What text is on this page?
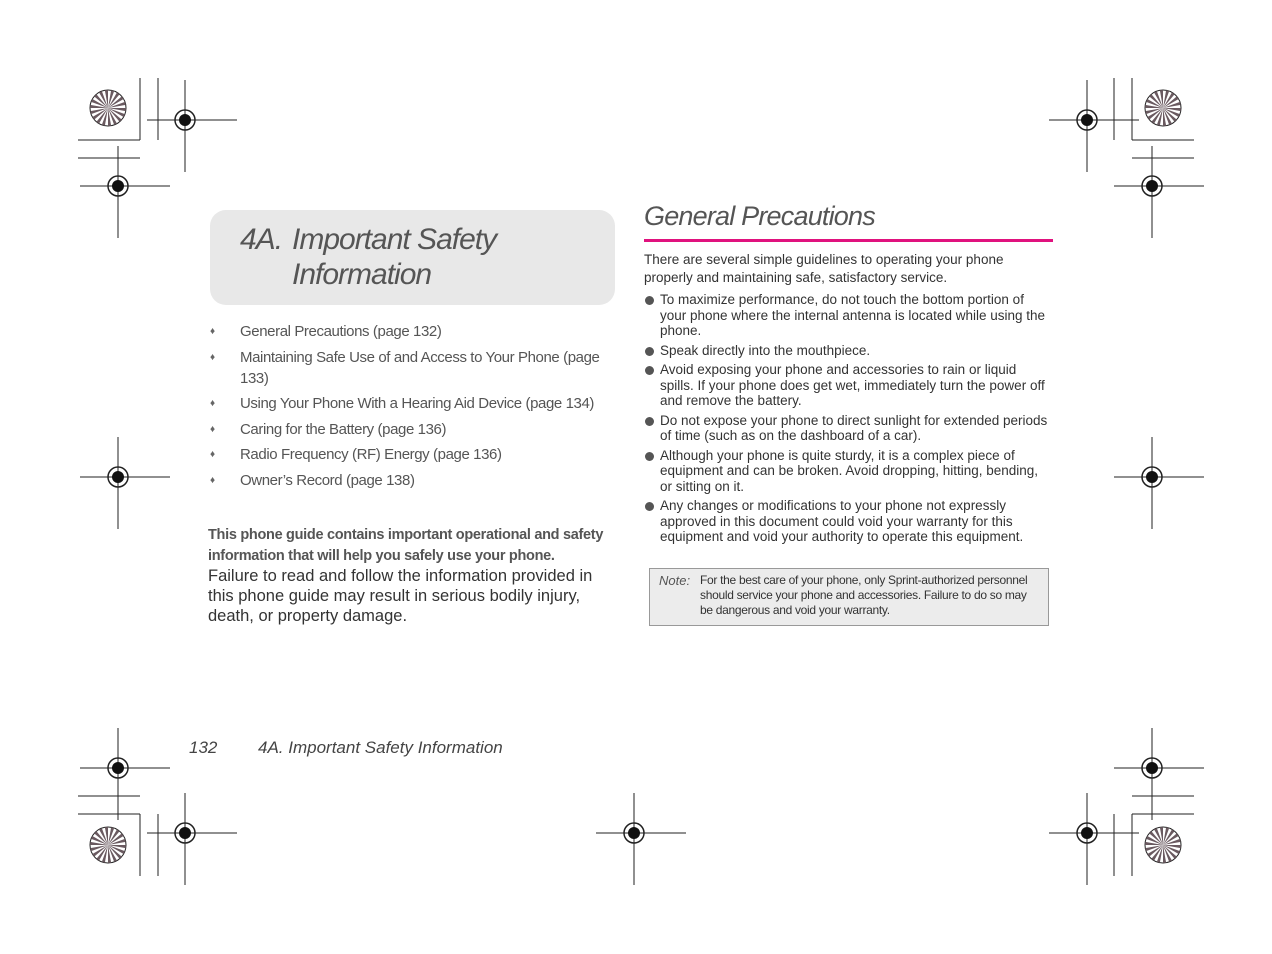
4A. Important Safety
Information
♦ General Precautions (page 132)
♦ Maintaining Safe Use of and Access to Your Phone (page 133)
♦ Using Your Phone With a Hearing Aid Device (page 134)
♦ Caring for the Battery (page 136)
♦ Radio Frequency (RF) Energy (page 136)
♦ Owner’s Record (page 138)

This phone guide contains important operational and safety information that will help you safely use your phone. Failure to read and follow the information provided in this phone guide may result in serious bodily injury, death, or property damage.

General Precautions

There are several simple guidelines to operating your phone properly and maintaining safe, satisfactory service.

To maximize performance, do not touch the bottom portion of your phone where the internal antenna is located while using the phone.
Speak directly into the mouthpiece.
Avoid exposing your phone and accessories to rain or liquid spills. If your phone does get wet, immediately turn the power off and remove the battery.
Do not expose your phone to direct sunlight for extended periods of time (such as on the dashboard of a car).
Although your phone is quite sturdy, it is a complex piece of equipment and can be broken. Avoid dropping, hitting, bending, or sitting on it.
Any changes or modifications to your phone not expressly approved in this document could void your warranty for this equipment and void your authority to operate this equipment.
Note: For the best care of your phone, only Sprint-authorized personnel should service your phone and accessories. Failure to do so may be dangerous and void your warranty.

132 4A. Important Safety Information
